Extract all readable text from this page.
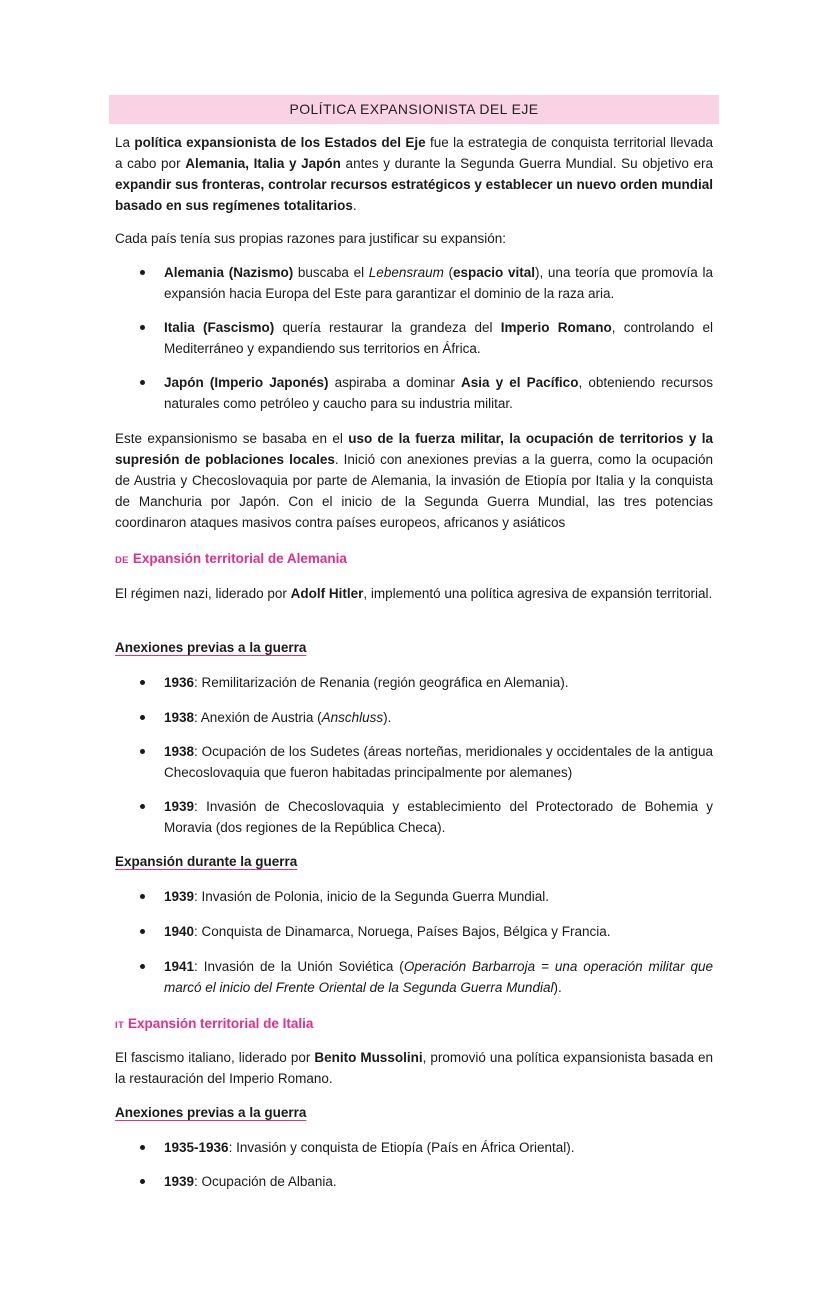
POLÍTICA EXPANSIONISTA DEL EJE

La política expansionista de los Estados del Eje fue la estrategia de conquista territorial llevada a cabo por Alemania, Italia y Japón antes y durante la Segunda Guerra Mundial. Su objetivo era expandir sus fronteras, controlar recursos estratégicos y establecer un nuevo orden mundial basado en sus regímenes totalitarios.

Cada país tenía sus propias razones para justificar su expansión:

Alemania (Nazismo) buscaba el Lebensraum (espacio vital), una teoría que promovía la expansión hacia Europa del Este para garantizar el dominio de la raza aria.
Italia (Fascismo) quería restaurar la grandeza del Imperio Romano, controlando el Mediterráneo y expandiendo sus territorios en África.
Japón (Imperio Japonés) aspiraba a dominar Asia y el Pacífico, obteniendo recursos naturales como petróleo y caucho para su industria militar.

Este expansionismo se basaba en el uso de la fuerza militar, la ocupación de territorios y la supresión de poblaciones locales. Inició con anexiones previas a la guerra, como la ocupación de Austria y Checoslovaquia por parte de Alemania, la invasión de Etiopía por Italia y la conquista de Manchuria por Japón. Con el inicio de la Segunda Guerra Mundial, las tres potencias coordinaron ataques masivos contra países europeos, africanos y asiáticos

DE Expansión territorial de Alemania

El régimen nazi, liderado por Adolf Hitler, implementó una política agresiva de expansión territorial.

Anexiones previas a la guerra

1936: Remilitarización de Renania (región geográfica en Alemania).
1938: Anexión de Austria (Anschluss).
1938: Ocupación de los Sudetes (áreas norteñas, meridionales y occidentales de la antigua Checoslovaquia que fueron habitadas principalmente por alemanes)
1939: Invasión de Checoslovaquia y establecimiento del Protectorado de Bohemia y Moravia (dos regiones de la República Checa).

Expansión durante la guerra

1939: Invasión de Polonia, inicio de la Segunda Guerra Mundial.
1940: Conquista de Dinamarca, Noruega, Países Bajos, Bélgica y Francia.
1941: Invasión de la Unión Soviética (Operación Barbarroja = una operación militar que marcó el inicio del Frente Oriental de la Segunda Guerra Mundial).

IT Expansión territorial de Italia

El fascismo italiano, liderado por Benito Mussolini, promovió una política expansionista basada en la restauración del Imperio Romano.

Anexiones previas a la guerra

1935-1936: Invasión y conquista de Etiopía (País en África Oriental).
1939: Ocupación de Albania.
